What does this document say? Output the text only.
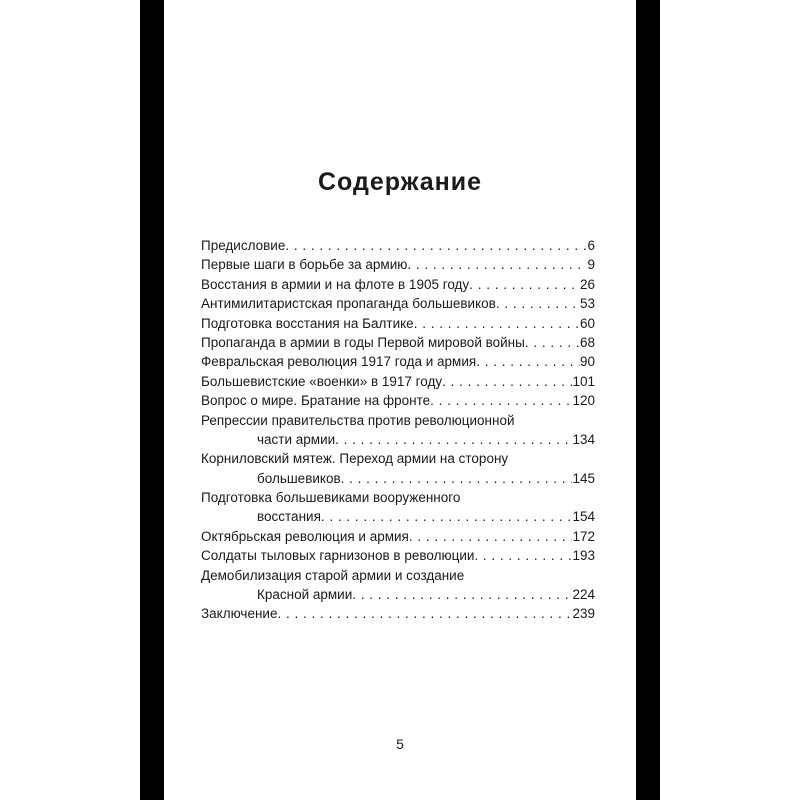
Содержание
Предисловие . . .	6
Первые шаги в борьбе за армию . . .	9
Восстания в армии и на флоте в 1905 году . . .	26
Антимилитаристская пропаганда большевиков . . .	53
Подготовка восстания на Балтике . . .	60
Пропаганда в армии в годы Первой мировой войны . . .	68
Февральская революция 1917 года и армия . . .	90
Большевистские «военки» в 1917 году . . .	101
Вопрос о мире. Братание на фронте . . .	120
Репрессии правительства против революционной
части армии . . .	134
Корниловский мятеж. Переход армии на сторону
большевиков . . .	145
Подготовка большевиками вооруженного
восстания . . .	154
Октябрьская революция и армия . . .	172
Солдаты тыловых гарнизонов в революции . . .	193
Демобилизация старой армии и создание
Красной армии . . .	224
Заключение . . .	239
5
